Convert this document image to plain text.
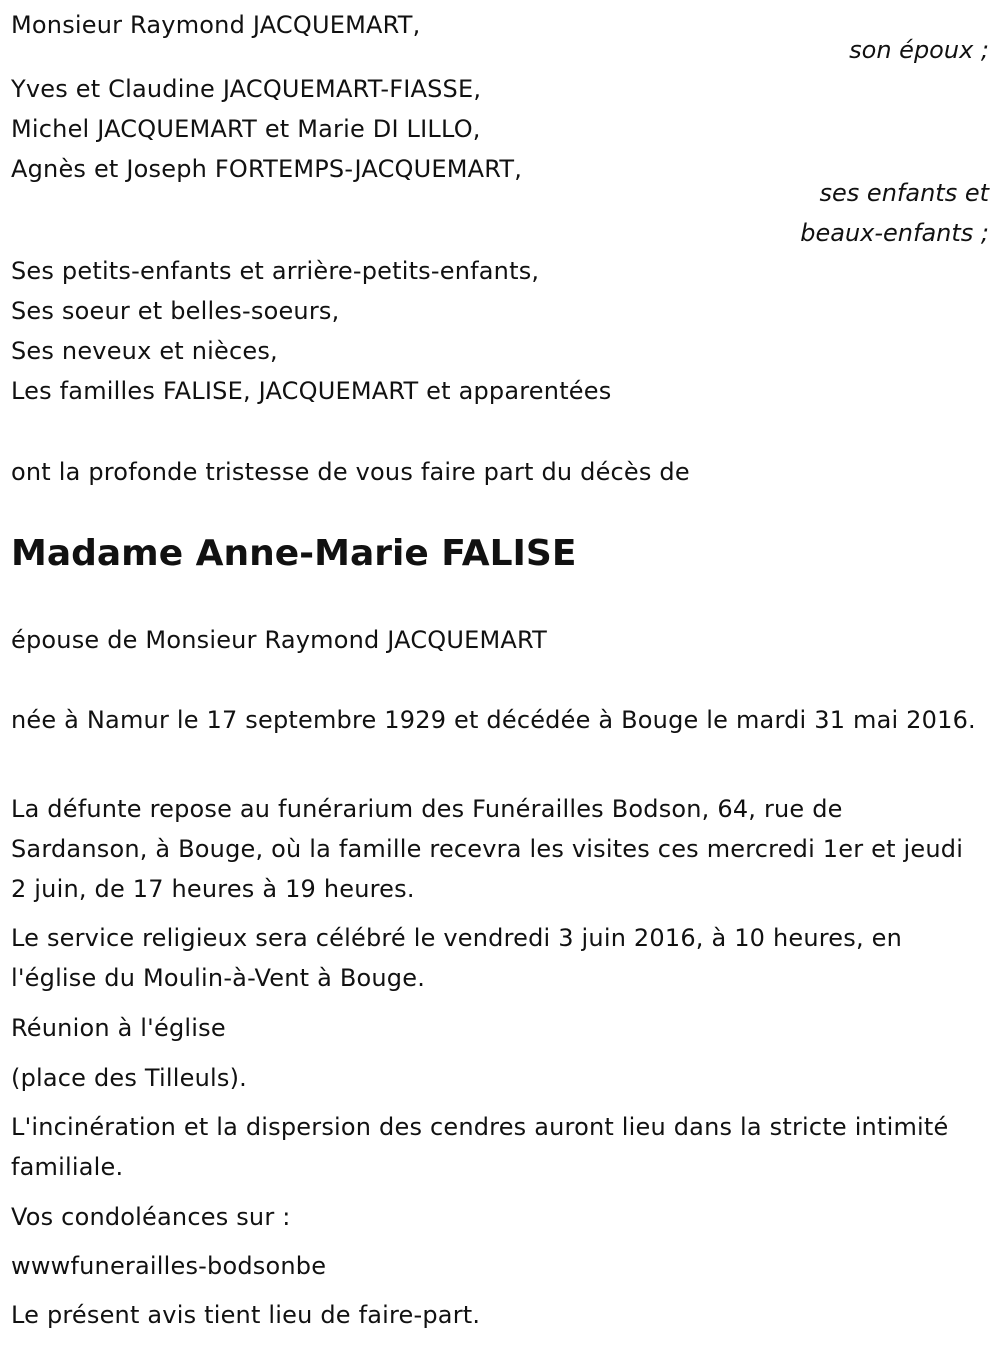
Monsieur Raymond JACQUEMART,
son époux ;
Yves et Claudine JACQUEMART-FIASSE,
Michel JACQUEMART et Marie DI LILLO,
Agnès et Joseph FORTEMPS-JACQUEMART,
ses enfants et
beaux-enfants ;
Ses petits-enfants et arrière-petits-enfants,
Ses soeur et belles-soeurs,
Ses neveux et nièces,
Les familles FALISE, JACQUEMART et apparentées
ont la profonde tristesse de vous faire part du décès de
Madame Anne-Marie FALISE
épouse de Monsieur Raymond JACQUEMART
née à Namur le 17 septembre 1929 et décédée à Bouge le mardi 31 mai 2016.
La défunte repose au funérarium des Funérailles Bodson, 64, rue de Sardanson, à Bouge, où la famille recevra les visites ces mercredi 1er et jeudi 2 juin, de 17 heures à 19 heures.
Le service religieux sera célébré le vendredi 3 juin 2016, à 10 heures, en l'église du Moulin-à-Vent à Bouge.
Réunion à l'église
(place des Tilleuls).
L'incinération et la dispersion des cendres auront lieu dans la stricte intimité familiale.
Vos condoléances sur :
wwwfunerailles-bodsonbe
Le présent avis tient lieu de faire-part.
